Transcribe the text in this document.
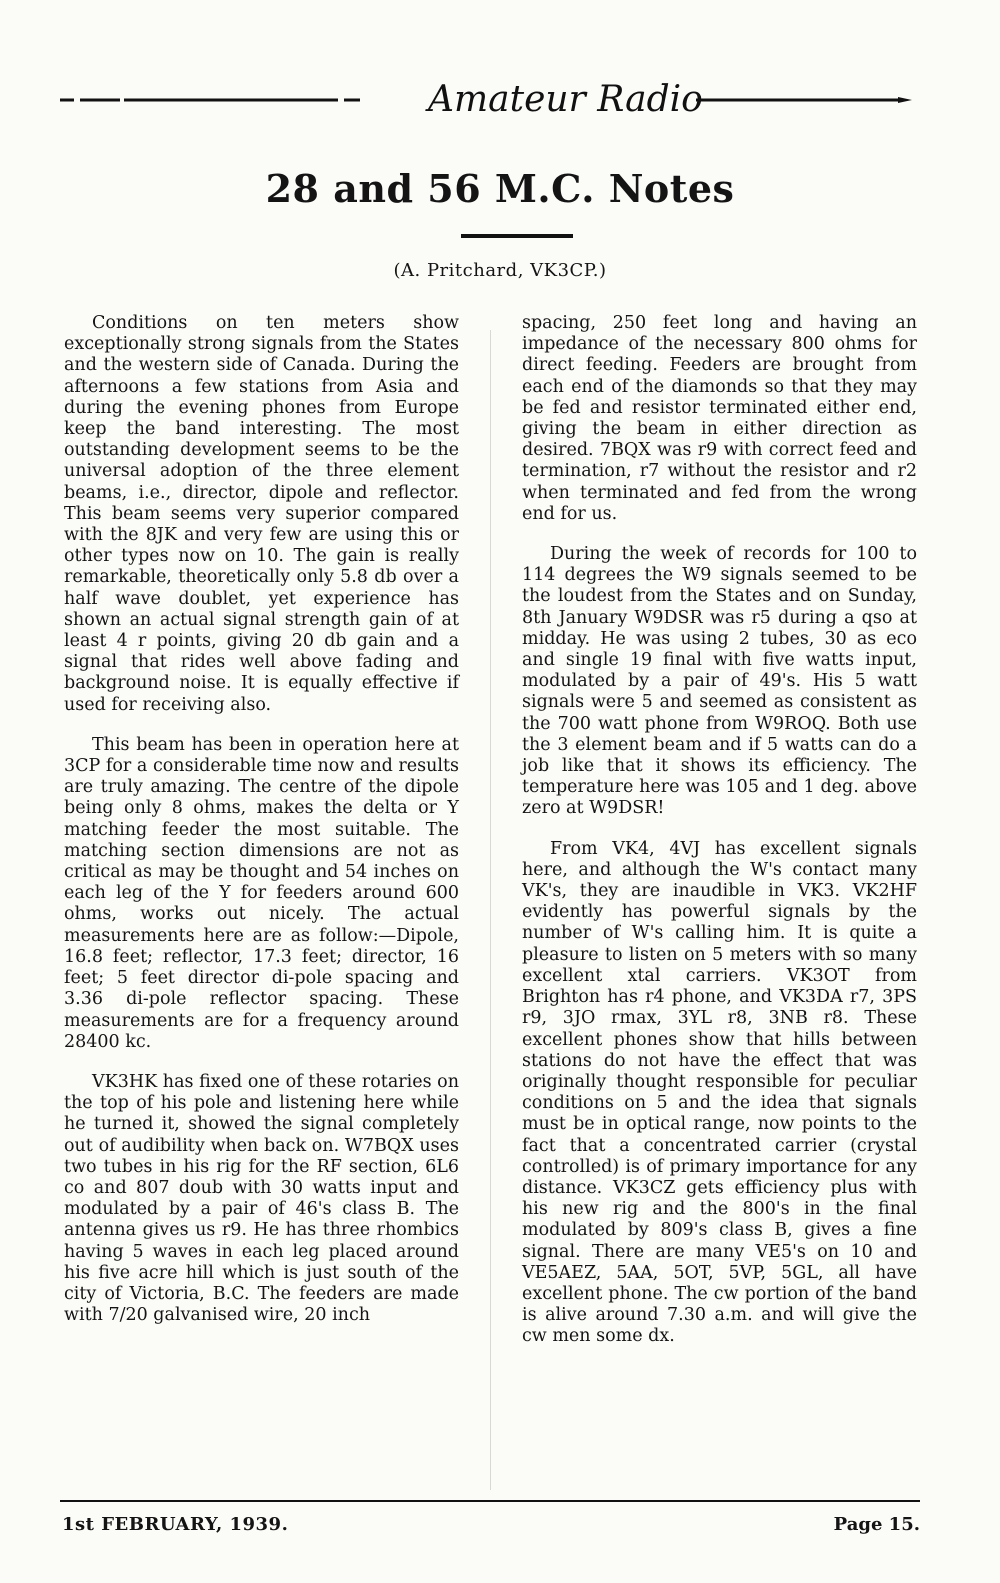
Amateur Radio
28 and 56 M.C. Notes
(A. Pritchard, VK3CP.)

Conditions on ten meters show exceptionally strong signals from the States and the western side of Canada. During the afternoons a few stations from Asia and during the evening phones from Europe keep the band interesting. The most outstanding development seems to be the universal adoption of the three element beams, i.e., director, dipole and reflector. This beam seems very superior compared with the 8JK and very few are using this or other types now on 10. The gain is really remarkable, theoretically only 5.8 db over a half wave doublet, yet experience has shown an actual signal strength gain of at least 4 r points, giving 20 db gain and a signal that rides well above fading and background noise. It is equally effective if used for receiving also.

This beam has been in operation here at 3CP for a considerable time now and results are truly amazing. The centre of the dipole being only 8 ohms, makes the delta or Y matching feeder the most suitable. The matching section dimensions are not as critical as may be thought and 54 inches on each leg of the Y for feeders around 600 ohms, works out nicely. The actual measurements here are as follow:—Dipole, 16.8 feet; reflector, 17.3 feet; director, 16 feet; 5 feet director di-pole spacing and 3.36 di-pole reflector spacing. These measurements are for a frequency around 28400 kc.

VK3HK has fixed one of these rotaries on the top of his pole and listening here while he turned it, showed the signal completely out of audibility when back on. W7BQX uses two tubes in his rig for the RF section, 6L6 co and 807 doub with 30 watts input and modulated by a pair of 46's class B. The antenna gives us r9. He has three rhombics having 5 waves in each leg placed around his five acre hill which is just south of the city of Victoria, B.C. The feeders are made with 7/20 galvanised wire, 20 inch

spacing, 250 feet long and having an impedance of the necessary 800 ohms for direct feeding. Feeders are brought from each end of the diamonds so that they may be fed and resistor terminated either end, giving the beam in either direction as desired. 7BQX was r9 with correct feed and termination, r7 without the resistor and r2 when terminated and fed from the wrong end for us.

During the week of records for 100 to 114 degrees the W9 signals seemed to be the loudest from the States and on Sunday, 8th January W9DSR was r5 during a qso at midday. He was using 2 tubes, 30 as eco and single 19 final with five watts input, modulated by a pair of 49's. His 5 watt signals were 5 and seemed as consistent as the 700 watt phone from W9ROQ. Both use the 3 element beam and if 5 watts can do a job like that it shows its efficiency. The temperature here was 105 and 1 deg. above zero at W9DSR!

From VK4, 4VJ has excellent signals here, and although the W's contact many VK's, they are inaudible in VK3. VK2HF evidently has powerful signals by the number of W's calling him. It is quite a pleasure to listen on 5 meters with so many excellent xtal carriers. VK3OT from Brighton has r4 phone, and VK3DA r7, 3PS r9, 3JO rmax, 3YL r8, 3NB r8. These excellent phones show that hills between stations do not have the effect that was originally thought responsible for peculiar conditions on 5 and the idea that signals must be in optical range, now points to the fact that a concentrated carrier (crystal controlled) is of primary importance for any distance. VK3CZ gets efficiency plus with his new rig and the 800's in the final modulated by 809's class B, gives a fine signal. There are many VE5's on 10 and VE5AEZ, 5AA, 5OT, 5VP, 5GL, all have excellent phone. The cw portion of the band is alive around 7.30 a.m. and will give the cw men some dx.

1st FEBRUARY, 1939.	Page 15.
